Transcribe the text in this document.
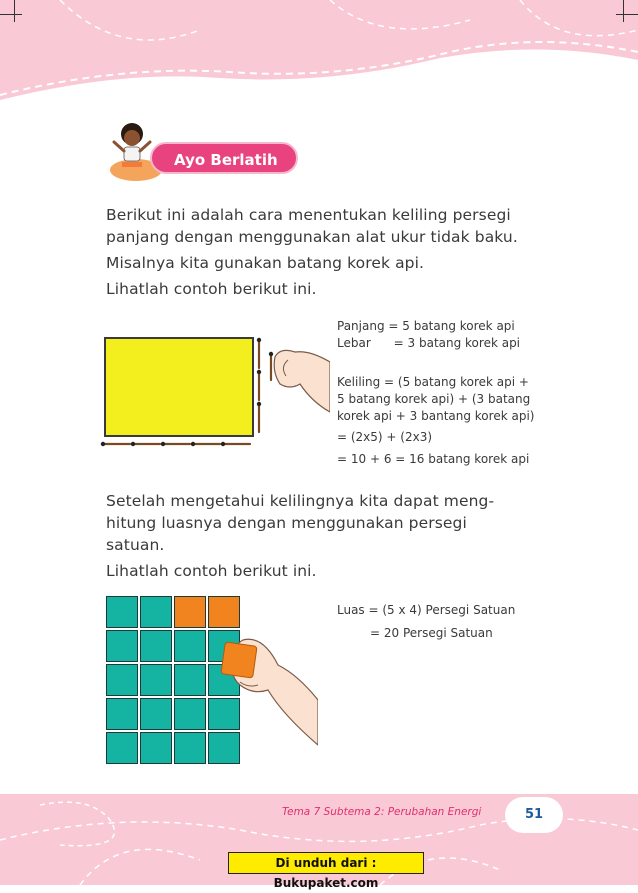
Ayo Berlatih
Berikut ini adalah cara menentukan keliling persegi
panjang dengan menggunakan alat ukur tidak baku.
Misalnya kita gunakan batang korek api.
Lihatlah contoh berikut ini.
Panjang = 5 batang korek api
Lebar      = 3 batang korek api
Keliling = (5 batang korek api +
5 batang korek api) + (3 batang
korek api + 3 bantang korek api)
= (2x5) + (2x3)
= 10 + 6 = 16 batang korek api
Setelah mengetahui kelilingnya kita dapat meng-
hitung luasnya dengan menggunakan persegi
satuan.
Lihatlah contoh berikut ini.
Luas = (5 x 4) Persegi Satuan
= 20 Persegi Satuan
Tema 7 Subtema 2: Perubahan Energi	51
Di unduh dari : Bukupaket.com
